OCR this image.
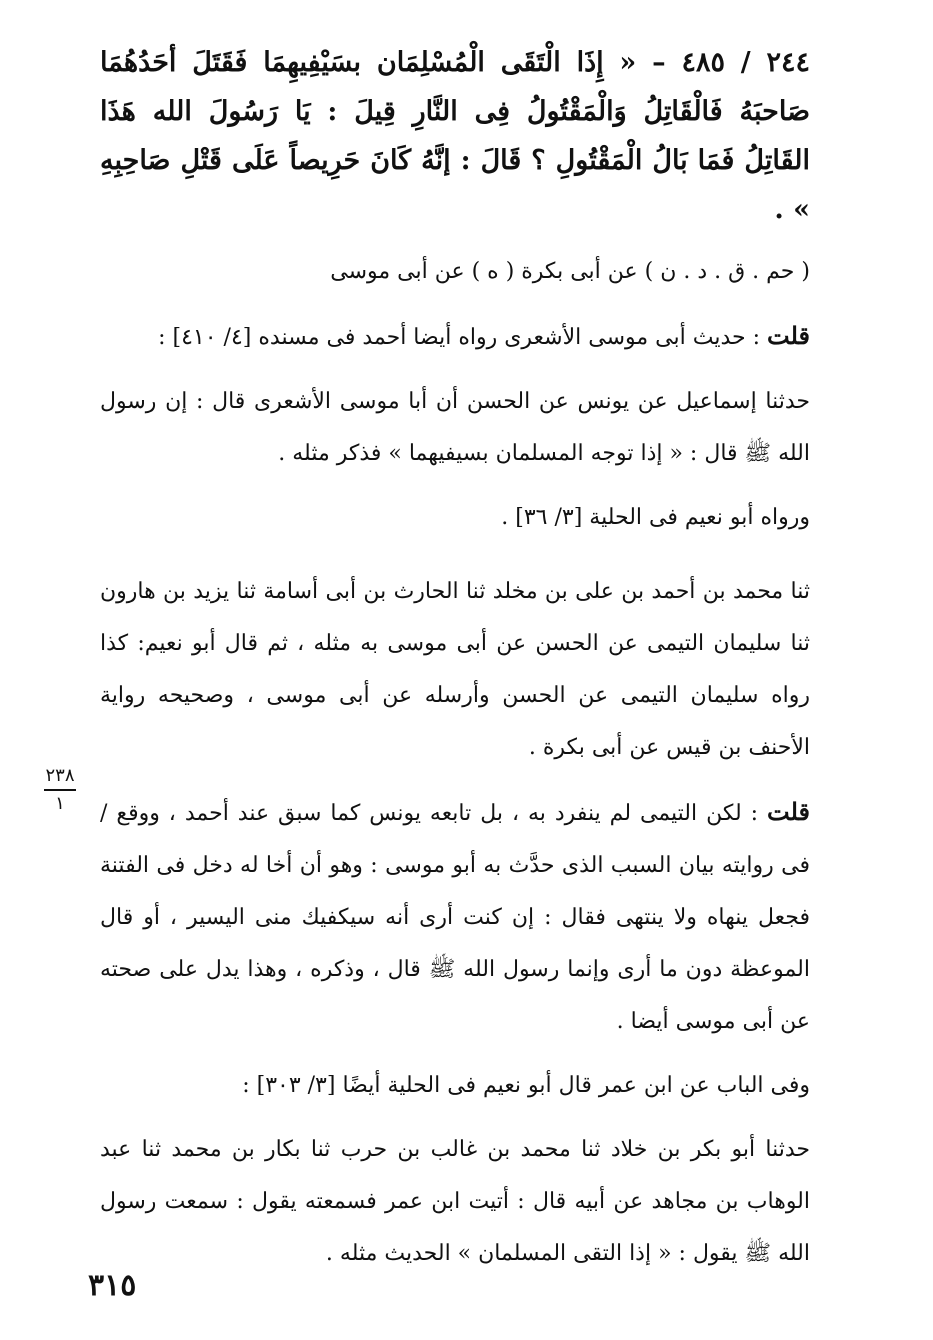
٢٤٤ / ٤٨٥ – « إِذَا الْتَقَى الْمُسْلِمَان بسَيْفِيهِمَا فَقَتَلَ أحَدُهُمَا صَاحبَهُ فَالْقَاتِلُ وَالْمَقْتُولُ فِى النَّارِ قِيلَ : يَا رَسُولَ الله هَذَا القَاتِلُ فَمَا بَالُ الْمَقْتُولِ ؟ قَالَ : إنَّهُ كَانَ حَرِيصاً عَلَى قَتْلِ صَاحِبِهِ » .

( حم . ق . د . ن ) عن أبى بكرة ( ه ) عن أبى موسى

قلت : حديث أبى موسى الأشعرى رواه أيضا أحمد فى مسنده [٤/ ٤١٠] :

حدثنا إسماعيل عن يونس عن الحسن أن أبا موسى الأشعرى قال : إن رسول الله ﷺ قال : « إذا توجه المسلمان بسيفيهما » فذكر مثله .

ورواه أبو نعيم فى الحلية [٣/ ٣٦] .

ثنا محمد بن أحمد بن على بن مخلد ثنا الحارث بن أبى أسامة ثنا يزيد بن هارون ثنا سليمان التيمى عن الحسن عن أبى موسى به مثله ، ثم قال أبو نعيم: كذا رواه سليمان التيمى عن الحسن وأرسله عن أبى موسى ، وصحيحه رواية الأحنف بن قيس عن أبى بكرة .

قلت : لكن التيمى لم ينفرد به ، بل تابعه يونس كما سبق عند أحمد ، ووقع / فى روايته بيان السبب الذى حدَّث به أبو موسى : وهو أن أخا له دخل فى الفتنة فجعل ينهاه ولا ينتهى فقال : إن كنت أرى أنه سيكفيك منى اليسير ، أو قال الموعظة دون ما أرى وإنما رسول الله ﷺ قال ، وذكره ، وهذا يدل على صحته عن أبى موسى أيضا .

وفى الباب عن ابن عمر قال أبو نعيم فى الحلية أيضًا [٣/ ٣٠٣] :

حدثنا أبو بكر بن خلاد ثنا محمد بن غالب بن حرب ثنا بكار بن محمد ثنا عبد الوهاب بن مجاهد عن أبيه قال : أتيت ابن عمر فسمعته يقول : سمعت رسول الله ﷺ يقول : « إذا التقى المسلمان » الحديث مثله .

٢٣٨
١
٣١٥
